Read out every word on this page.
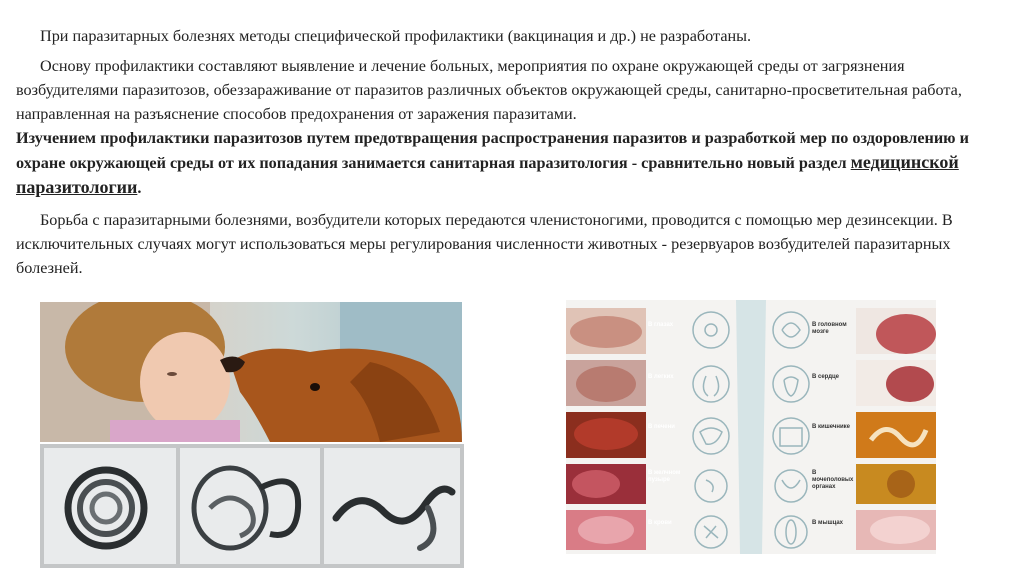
При паразитарных болезнях методы специфической профилактики (вакцинация и др.) не разработаны.

Основу профилактики составляют выявление и лечение больных, мероприятия по охране окружающей среды от загрязнения возбудителями паразитозов, обеззараживание от паразитов различных объектов окружающей среды, санитарно-просветительная работа, направленная на разъяснение способов предохранения от заражения паразитами.

Изучением профилактики паразитозов путем предотвращения распространения паразитов и разработкой мер по оздоровлению и охране окружающей среды от их попадания занимается санитарная паразитология - сравнительно новый раздел медицинской паразитологии.

Борьба с паразитарными болезнями, возбудители которых передаются членистоногими, проводится с помощью мер дезинсекции. В исключительных случаях могут использоваться меры регулирования численности животных - резервуаров возбудителей паразитарных болезней.

В глазах
В легких
В печени
В желчном пузыре
В крови
В головном мозге
В сердце
В кишечнике
В мочеполовых органах
В мышцах
